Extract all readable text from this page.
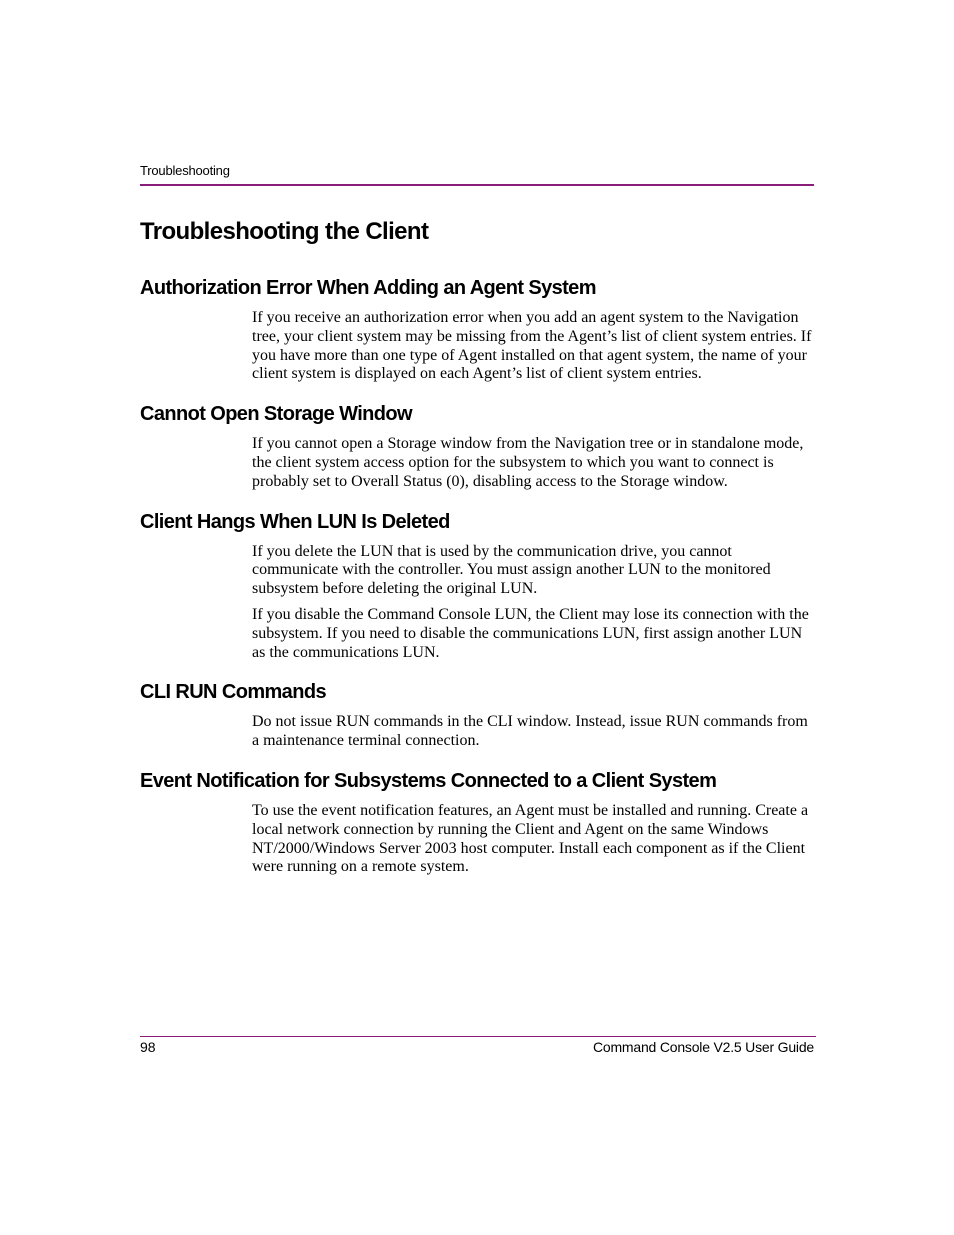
Troubleshooting
Troubleshooting the Client
Authorization Error When Adding an Agent System

If you receive an authorization error when you add an agent system to the Navigation tree, your client system may be missing from the Agent’s list of client system entries. If you have more than one type of Agent installed on that agent system, the name of your client system is displayed on each Agent’s list of client system entries.

Cannot Open Storage Window

If you cannot open a Storage window from the Navigation tree or in standalone mode, the client system access option for the subsystem to which you want to connect is probably set to Overall Status (0), disabling access to the Storage window.

Client Hangs When LUN Is Deleted

If you delete the LUN that is used by the communication drive, you cannot communicate with the controller. You must assign another LUN to the monitored subsystem before deleting the original LUN.

If you disable the Command Console LUN, the Client may lose its connection with the subsystem. If you need to disable the communications LUN, first assign another LUN as the communications LUN.

CLI RUN Commands

Do not issue RUN commands in the CLI window. Instead, issue RUN commands from a maintenance terminal connection.

Event Notification for Subsystems Connected to a Client System

To use the event notification features, an Agent must be installed and running. Create a local network connection by running the Client and Agent on the same Windows NT/2000/Windows Server 2003 host computer. Install each component as if the Client were running on a remote system.

98	Command Console V2.5 User Guide
